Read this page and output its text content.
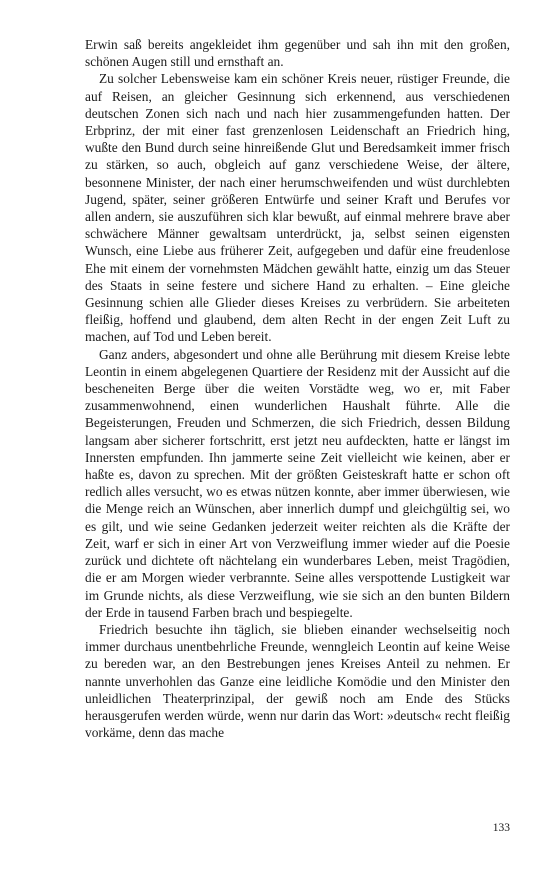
Erwin saß bereits angekleidet ihm gegenüber und sah ihn mit den großen, schönen Augen still und ernsthaft an.

Zu solcher Lebensweise kam ein schöner Kreis neuer, rüstiger Freunde, die auf Reisen, an gleicher Gesinnung sich erkennend, aus verschiedenen deutschen Zonen sich nach und nach hier zusammengefunden hatten. Der Erbprinz, der mit einer fast grenzenlosen Leidenschaft an Friedrich hing, wußte den Bund durch seine hinreißende Glut und Beredsamkeit immer frisch zu stärken, so auch, obgleich auf ganz verschiedene Weise, der ältere, besonnene Minister, der nach einer herumschweifenden und wüst durchlebten Jugend, später, seiner größeren Entwürfe und seiner Kraft und Berufes vor allen andern, sie auszuführen sich klar bewußt, auf einmal mehrere brave aber schwächere Männer gewaltsam unterdrückt, ja, selbst seinen eigensten Wunsch, eine Liebe aus früherer Zeit, aufgegeben und dafür eine freudenlose Ehe mit einem der vornehmsten Mädchen gewählt hatte, einzig um das Steuer des Staats in seine festere und sichere Hand zu erhalten. – Eine gleiche Gesinnung schien alle Glieder dieses Kreises zu verbrüdern. Sie arbeiteten fleißig, hoffend und glaubend, dem alten Recht in der engen Zeit Luft zu machen, auf Tod und Leben bereit.

Ganz anders, abgesondert und ohne alle Berührung mit diesem Kreise lebte Leontin in einem abgelegenen Quartiere der Residenz mit der Aussicht auf die bescheneiten Berge über die weiten Vorstädte weg, wo er, mit Faber zusammenwohnend, einen wunderlichen Haushalt führte. Alle die Begeisterungen, Freuden und Schmerzen, die sich Friedrich, dessen Bildung langsam aber sicherer fortschritt, erst jetzt neu aufdeckten, hatte er längst im Innersten empfunden. Ihn jammerte seine Zeit vielleicht wie keinen, aber er haßte es, davon zu sprechen. Mit der größten Geisteskraft hatte er schon oft redlich alles versucht, wo es etwas nützen konnte, aber immer überwiesen, wie die Menge reich an Wünschen, aber innerlich dumpf und gleichgültig sei, wo es gilt, und wie seine Gedanken jederzeit weiter reichten als die Kräfte der Zeit, warf er sich in einer Art von Verzweiflung immer wieder auf die Poesie zurück und dichtete oft nächtelang ein wunderbares Leben, meist Tragödien, die er am Morgen wieder verbrannte. Seine alles verspottende Lustigkeit war im Grunde nichts, als diese Verzweiflung, wie sie sich an den bunten Bildern der Erde in tausend Farben brach und bespiegelte.

Friedrich besuchte ihn täglich, sie blieben einander wechselseitig noch immer durchaus unentbehrliche Freunde, wenngleich Leontin auf keine Weise zu bereden war, an den Bestrebungen jenes Kreises Anteil zu nehmen. Er nannte unverhohlen das Ganze eine leidliche Komödie und den Minister den unleidlichen Theaterprinzipal, der gewiß noch am Ende des Stücks herausgerufen werden würde, wenn nur darin das Wort: »deutsch« recht fleißig vorkäme, denn das mache

133
